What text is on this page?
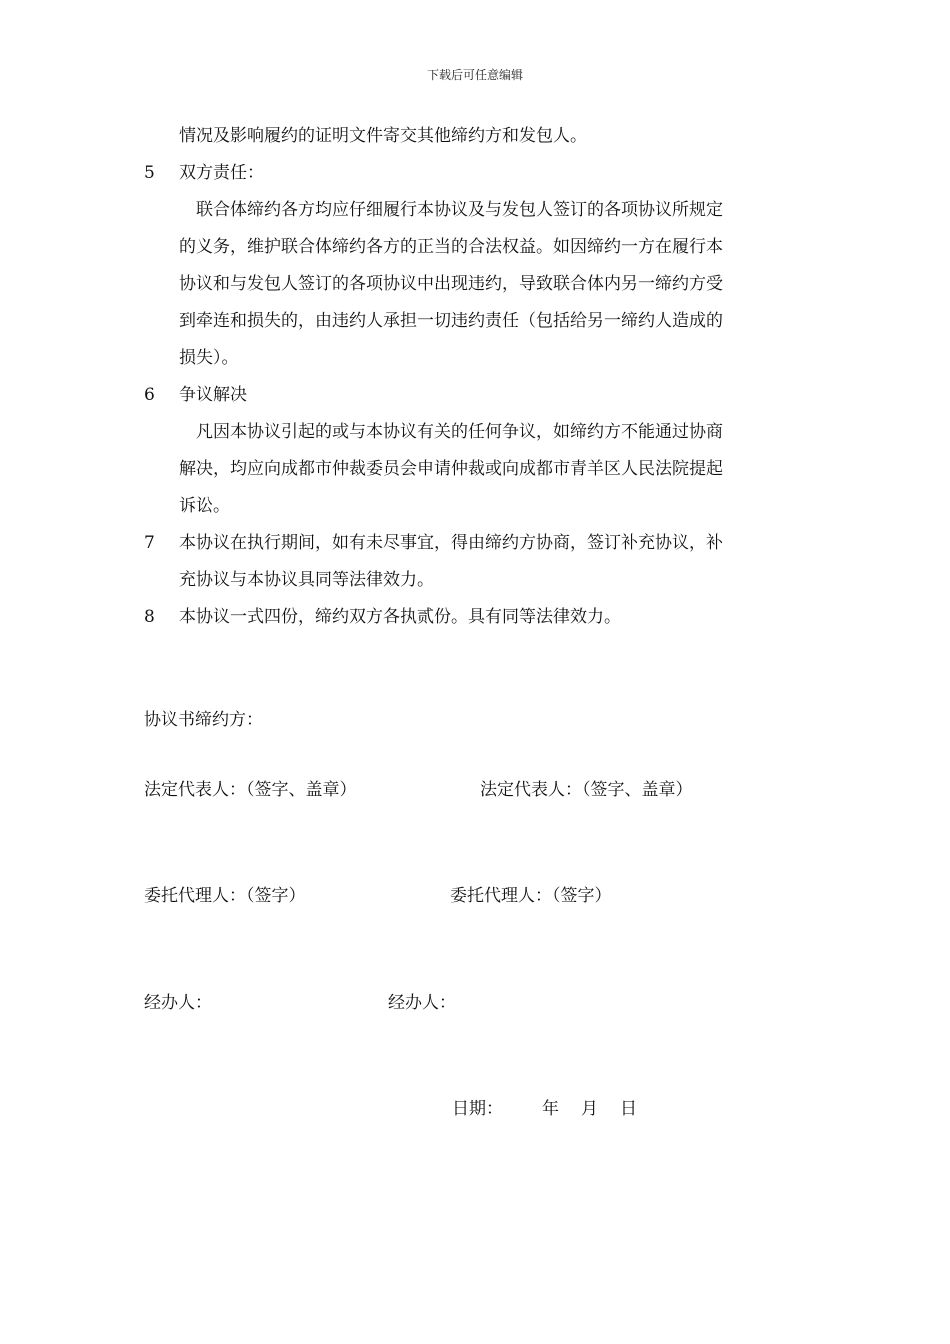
下载后可任意编辑
情况及影响履约的证明文件寄交其他缔约方和发包人。
5	双方责任：
联合体缔约各方均应仔细履行本协议及与发包人签订的各项协议所规定
的义务，维护联合体缔约各方的正当的合法权益。如因缔约一方在履行本
协议和与发包人签订的各项协议中出现违约，导致联合体内另一缔约方受
到牵连和损失的，由违约人承担一切违约责任（包括给另一缔约人造成的
损失）。
6	争议解决
凡因本协议引起的或与本协议有关的任何争议，如缔约方不能通过协商
解决，均应向成都市仲裁委员会申请仲裁或向成都市青羊区人民法院提起
诉讼。
7	本协议在执行期间，如有未尽事宜，得由缔约方协商，签订补充协议，补
充协议与本协议具同等法律效力。
8	本协议一式四份，缔约双方各执贰份。具有同等法律效力。
协议书缔约方：
法定代表人：（签字、盖章）	法定代表人：（签字、盖章）
委托代理人：（签字）	委托代理人：（签字）
经办人：	经办人：
日期： 年 月 日
